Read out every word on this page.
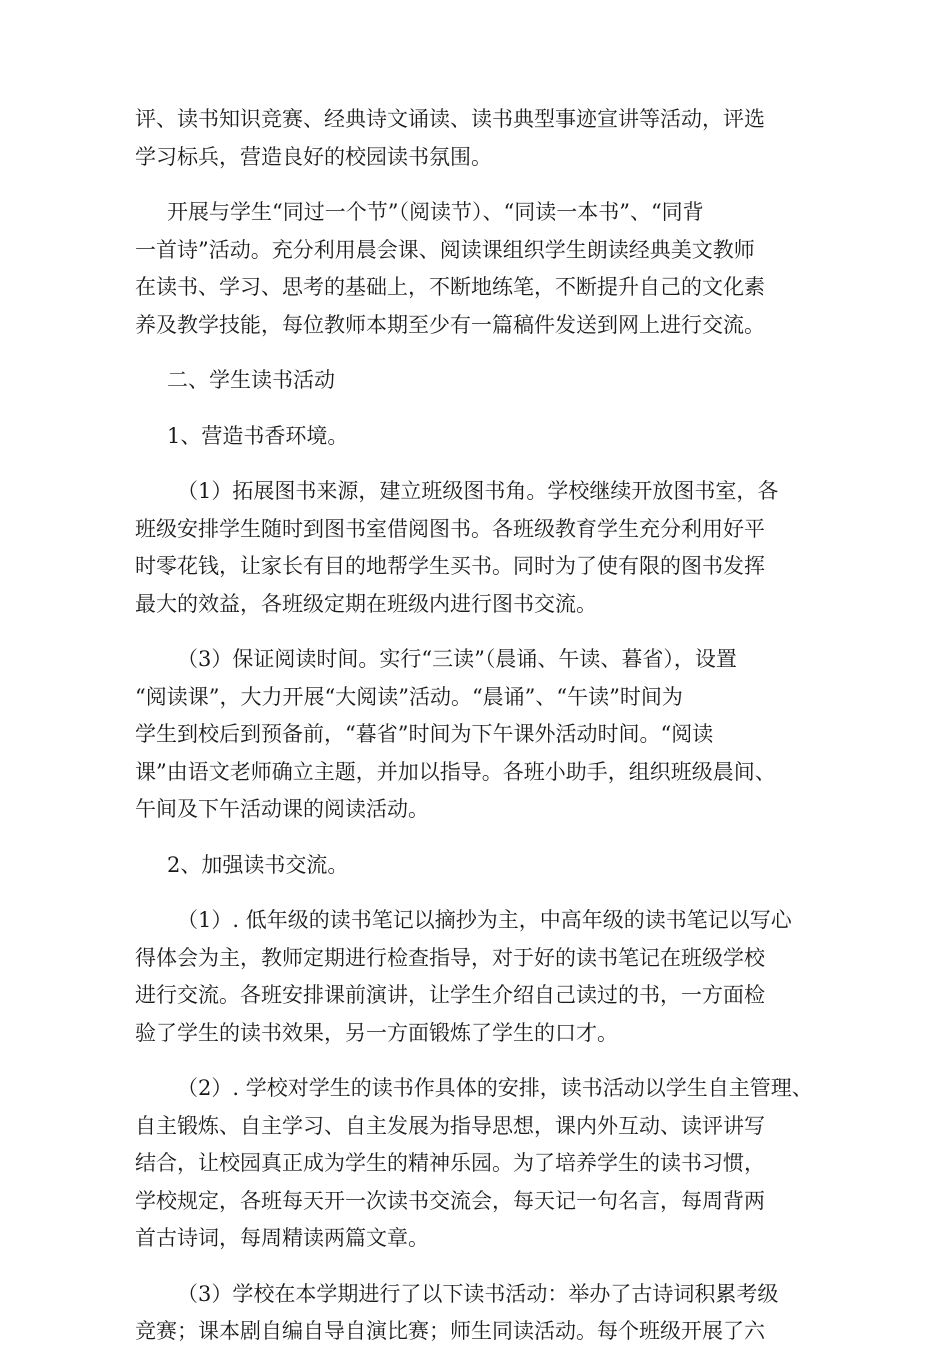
评、读书知识竞赛、经典诗文诵读、读书典型事迹宣讲等活动，评选
学习标兵，营造良好的校园读书氛围。

开展与学生“同过一个节”（阅读节）、“同读一本书”、“同背
一首诗”活动。充分利用晨会课、阅读课组织学生朗读经典美文教师
在读书、学习、思考的基础上，不断地练笔，不断提升自己的文化素
养及教学技能，每位教师本期至少有一篇稿件发送到网上进行交流。

二、学生读书活动

1、营造书香环境。

（1）拓展图书来源，建立班级图书角。学校继续开放图书室，各
班级安排学生随时到图书室借阅图书。各班级教育学生充分利用好平
时零花钱，让家长有目的地帮学生买书。同时为了使有限的图书发挥
最大的效益，各班级定期在班级内进行图书交流。

（3）保证阅读时间。实行“三读”（晨诵、午读、暮省），设置
“阅读课”，大力开展“大阅读”活动。“晨诵”、“午读”时间为
学生到校后到预备前，“暮省”时间为下午课外活动时间。“阅读
课”由语文老师确立主题，并加以指导。各班小助手，组织班级晨间、
午间及下午活动课的阅读活动。

2、加强读书交流。

（1）. 低年级的读书笔记以摘抄为主，中高年级的读书笔记以写心
得体会为主，教师定期进行检查指导，对于好的读书笔记在班级学校
进行交流。各班安排课前演讲，让学生介绍自己读过的书，一方面检
验了学生的读书效果，另一方面锻炼了学生的口才。

（2）. 学校对学生的读书作具体的安排，读书活动以学生自主管理、
自主锻炼、自主学习、自主发展为指导思想，课内外互动、读评讲写
结合，让校园真正成为学生的精神乐园。为了培养学生的读书习惯，
学校规定，各班每天开一次读书交流会，每天记一句名言，每周背两
首古诗词，每周精读两篇文章。

（3）学校在本学期进行了以下读书活动：举办了古诗词积累考级
竞赛；课本剧自编自导自演比赛；师生同读活动。每个班级开展了六
